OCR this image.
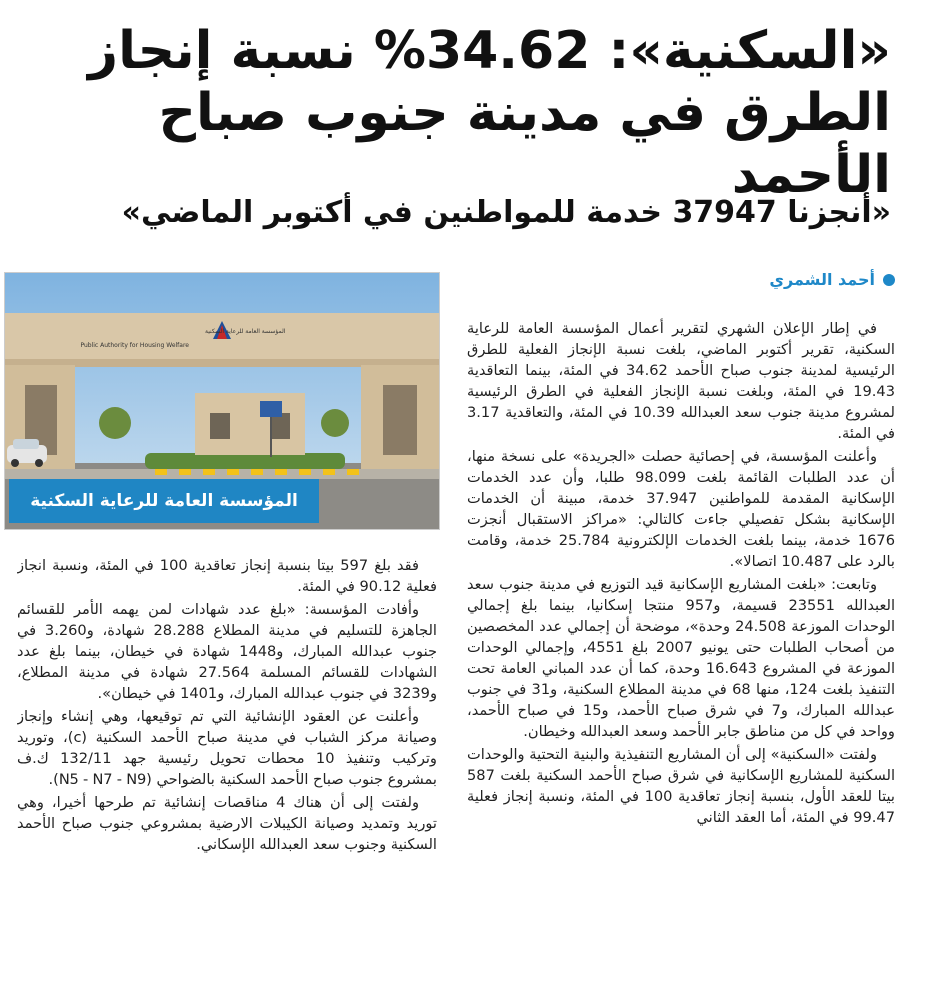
«السكنية»: 34.62% نسبة إنجاز الطرق في مدينة جنوب صباح الأحمد
«أنجزنا 37947 خدمة للمواطنين في أكتوبر الماضي»
أحمد الشمري

في إطار الإعلان الشهري لتقرير أعمال المؤسسة العامة للرعاية السكنية، تقرير أكتوبر الماضي، بلغت نسبة الإنجاز الفعلية للطرق الرئيسية لمدينة جنوب صباح الأحمد 34.62 في المئة، بينما التعاقدية 19.43 في المئة، وبلغت نسبة الإنجاز الفعلية في الطرق الرئيسية لمشروع مدينة جنوب سعد العبدالله 10.39 في المئة، والتعاقدية 3.17 في المئة.

وأعلنت المؤسسة، في إحصائية حصلت «الجريدة» على نسخة منها، أن عدد الطلبات القائمة بلغت 98.099 طلبا، وأن عدد الخدمات الإسكانية المقدمة للمواطنين 37.947 خدمة، مبينة أن الخدمات الإسكانية بشكل تفصيلي جاءت كالتالي: «مراكز الاستقبال أنجزت 1676 خدمة، بينما بلغت الخدمات الإلكترونية 25.784 خدمة، وقامت بالرد على 10.487 اتصالا».

وتابعت: «بلغت المشاريع الإسكانية قيد التوزيع في مدينة جنوب سعد العبدالله 23551 قسيمة، و957 منتجا إسكانيا، بينما بلغ إجمالي الوحدات الموزعة 24.508 وحدة»، موضحة أن إجمالي عدد المخصصين من أصحاب الطلبات حتى يونيو 2007 بلغ 4551، وإجمالي الوحدات الموزعة في المشروع 16.643 وحدة، كما أن عدد المباني العامة تحت التنفيذ بلغت 124، منها 68 في مدينة المطلاع السكنية، و31 في جنوب عبدالله المبارك، و7 في شرق صباح الأحمد، و15 في صباح الأحمد، وواحد في كل من مناطق جابر الأحمد وسعد العبدالله وخيطان.

ولفتت «السكنية» إلى أن المشاريع التنفيذية والبنية التحتية والوحدات السكنية للمشاريع الإسكانية في شرق صباح الأحمد السكنية بلغت 587 بيتا للعقد الأول، بنسبة إنجاز تعاقدية 100 في المئة، ونسبة إنجاز فعلية 99.47 في المئة، أما العقد الثاني

المؤسسة العامة للرعاية السكنية
Public Authority for Housing Welfare
المؤسسة العامة للرعاية السكنية

فقد بلغ 597 بيتا بنسبة إنجاز تعاقدية 100 في المئة، ونسبة انجاز فعلية 90.12 في المئة.

وأفادت المؤسسة: «بلغ عدد شهادات لمن يهمه الأمر للقسائم الجاهزة للتسليم في مدينة المطلاع 28.288 شهادة، و3.260 في جنوب عبدالله المبارك، و1448 شهادة في خيطان، بينما بلغ عدد الشهادات للقسائم المسلمة 27.564 شهادة في مدينة المطلاع، و3239 في جنوب عبدالله المبارك، و1401 في خيطان».

وأعلنت عن العقود الإنشائية التي تم توقيعها، وهي إنشاء وإنجاز وصيانة مركز الشباب في مدينة صباح الأحمد السكنية (c)، وتوريد وتركيب وتنفيذ 10 محطات تحويل رئيسية جهد 132/11 ك.ف بمشروع جنوب صباح الأحمد السكنية بالضواحي (N5 - N7 - N9).

ولفتت إلى أن هناك 4 مناقصات إنشائية تم طرحها أخيرا، وهي توريد وتمديد وصيانة الكيبلات الارضية بمشروعي جنوب صباح الأحمد السكنية وجنوب سعد العبدالله الإسكاني.
